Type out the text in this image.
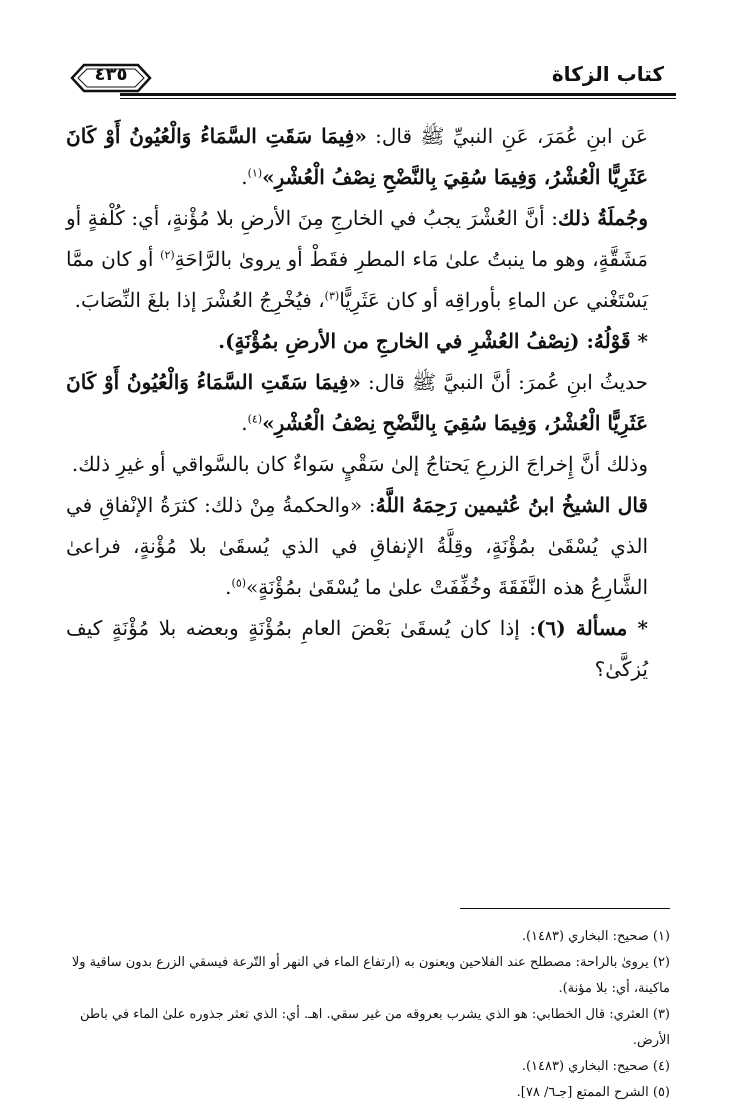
كتاب الزكاة
٤٣٥

عَن ابنِ عُمَرَ، عَنِ النبيِّ ﷺ قال: «فِيمَا سَقَتِ السَّمَاءُ وَالْعُيُونُ أَوْ كَانَ عَثَرِيًّا الْعُشْرُ، وَفِيمَا سُقِيَ بِالنَّضْحِ نِصْفُ الْعُشْرِ»$^{(١)}$.

وجُملَةُ ذلك: أنَّ العُشْرَ يجبُ في الخارجِ مِنَ الأرضِ بلا مُؤْنةٍ، أي: كُلْفةٍ أو مَشَقَّةٍ، وهو ما ينبتُ علىٰ مَاء المطرِ فقَطْ أو يروىٰ بالرَّاحَةِ$^{(٢)}$ أو كان ممَّا يَسْتَغْني عن الماءِ بأوراقِه أو كان عَثَرِيًّا$^{(٣)}$، فيُخْرِجُ العُشْرَ إذا بلغَ النِّصَابَ.

* قَوْلُهُ: (نِصْفُ العُشْرِ في الخارجِ من الأرضِ بمُؤْنَةٍ).

حديثُ ابنِ عُمرَ: أنَّ النبيَّ ﷺ قال: «فِيمَا سَقَتِ السَّمَاءُ وَالْعُيُونُ أَوْ كَانَ عَثَرِيًّا الْعُشْرُ، وَفِيمَا سُقِيَ بِالنَّضْحِ نِصْفُ الْعُشْرِ»$^{(٤)}$.

وذلك أنَّ إِخراجَ الزرعِ يَحتاجُ إلىٰ سَقْيٍ سَواءٌ كان بالسَّواقي أو غيرِ ذلك.

قال الشيخُ ابنُ عُثيمين رَحِمَهُ اللَّهُ: «والحكمةُ مِنْ ذلك: كثرَةُ الإنْفاقِ في الذي يُسْقَىٰ بمُؤْنَةٍ، وقِلَّةُ الإنفاقِ في الذي يُسقَىٰ بلا مُؤْنةٍ، فراعىٰ الشَّارِعُ هذه النَّفَقَةَ وخُفِّفَتْ علىٰ ما يُسْقَىٰ بمُؤْنَةٍ»$^{(٥)}$.

* مسألة (٦): إذا كان يُسقَىٰ بَعْضَ العامِ بمُؤْنَةٍ وبعضه بلا مُؤْنَةٍ كيف يُزكَّىٰ؟

(١) صحيح: البخاري (١٤٨٣).

(٢) يرویٰ بالراحة: مصطلح عند الفلاحين ويعنون به (ارتفاع الماء في النهر أو التّرعة فيسقي الزرع بدون ساقية ولا ماكينة، أي: بلا مؤنة).

(٣) العثري: قال الخطابي: هو الذي يشرب بعروقه من غير سقي. اهـ. أي: الذي تعثر جذوره علىٰ الماء في باطن الأرض.

(٤) صحيح: البخاري (١٤٨٣).

(٥) الشرح الممتع [جـ٦/ ٧٨].
